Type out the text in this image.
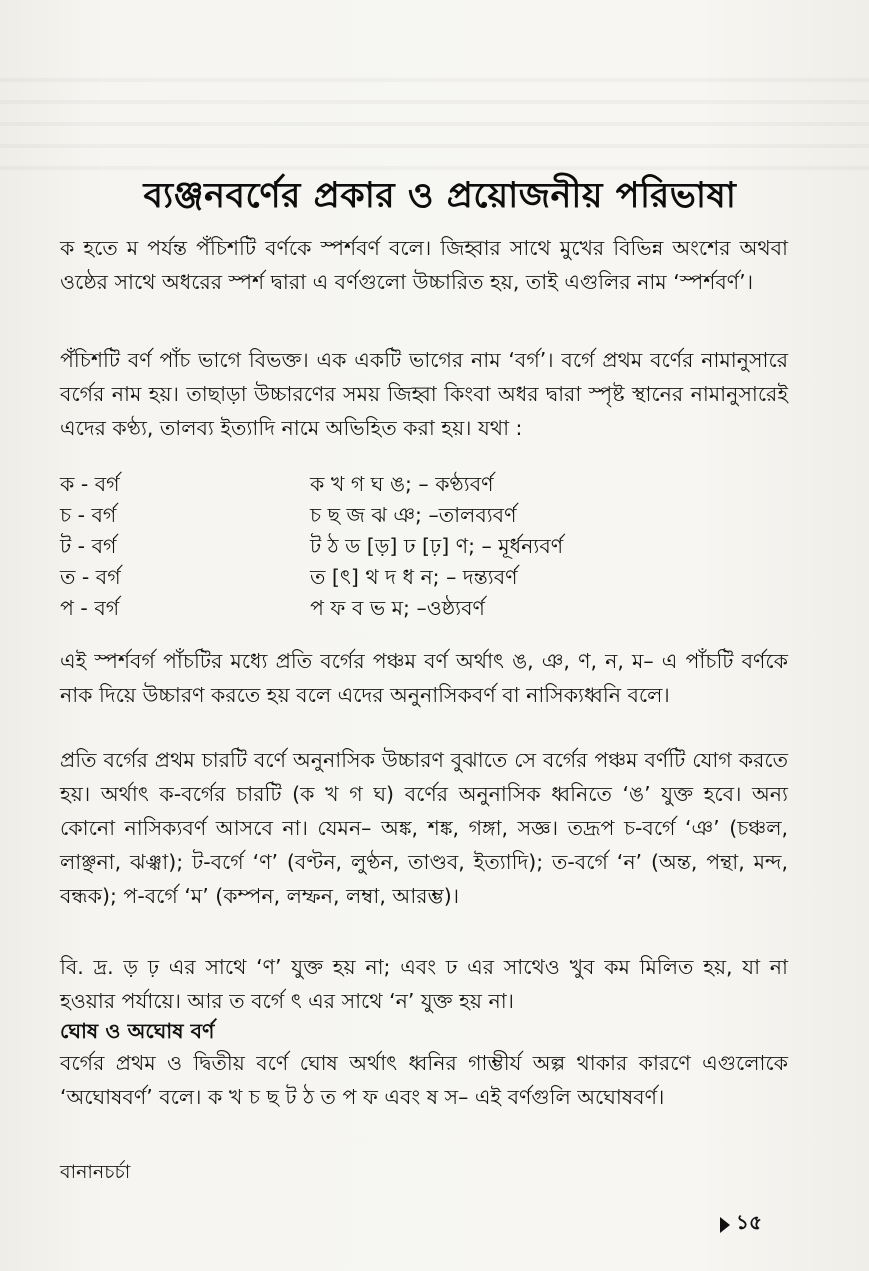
ব্যঞ্জনবর্ণের প্রকার ও প্রয়োজনীয় পরিভাষা
ক হতে ম পর্যন্ত পঁচিশটি বর্ণকে স্পর্শবর্ণ বলে। জিহ্বার সাথে মুখের বিভিন্ন অংশের অথবা ওষ্ঠের সাথে অধরের স্পর্শ দ্বারা এ বর্ণগুলো উচ্চারিত হয়, তাই এগুলির নাম ‘স্পর্শবর্ণ’।
পঁচিশটি বর্ণ পাঁচ ভাগে বিভক্ত। এক একটি ভাগের নাম ‘বর্গ’। বর্গে প্রথম বর্ণের নামানুসারে বর্গের নাম হয়। তাছাড়া উচ্চারণের সময় জিহ্বা কিংবা অধর দ্বারা স্পৃষ্ট স্থানের নামানুসারেই এদের কণ্ঠ্য, তালব্য ইত্যাদি নামে অভিহিত করা হয়। যথা :
ক - বর্গ	ক খ গ ঘ ঙ; – কণ্ঠ্যবর্ণ
চ - বর্গ	চ ছ জ ঝ ঞ; –তালব্যবর্ণ
ট - বর্গ	ট ঠ ড [ড়] ঢ [ঢ়] ণ; – মূর্ধন্যবর্ণ
ত - বর্গ	ত [ৎ] থ দ ধ ন; – দন্ত্যবর্ণ
প - বর্গ	প ফ ব ভ ম; –ওষ্ঠ্যবর্ণ
এই স্পর্শবর্গ পাঁচটির মধ্যে প্রতি বর্গের পঞ্চম বর্ণ অর্থাৎ ঙ, ঞ, ণ, ন, ম– এ পাঁচটি বর্ণকে নাক দিয়ে উচ্চারণ করতে হয় বলে এদের অনুনাসিকবর্ণ বা নাসিক্যধ্বনি বলে।
প্রতি বর্গের প্রথম চারটি বর্ণে অনুনাসিক উচ্চারণ বুঝাতে সে বর্গের পঞ্চম বর্ণটি যোগ করতে হয়। অর্থাৎ ক-বর্গের চারটি (ক খ গ ঘ) বর্ণের অনুনাসিক ধ্বনিতে ‘ঙ’ যুক্ত হবে। অন্য কোনো নাসিক্যবর্ণ আসবে না। যেমন– অঙ্ক, শঙ্ক, গঙ্গা, সজ্ঞ। তদ্রূপ চ-বর্গে ‘ঞ’ (চঞ্চল, লাঞ্ছনা, ঝঞ্ঝা); ট-বর্গে ‘ণ’ (বণ্টন, লুণ্ঠন, তাণ্ডব, ইত্যাদি); ত-বর্গে ‘ন’ (অন্ত, পন্থা, মন্দ, বন্ধক); প-বর্গে ‘ম’ (কম্পন, লম্ফন, লম্বা, আরম্ভ)।
বি. দ্র. ড় ঢ় এর সাথে ‘ণ’ যুক্ত হয় না; এবং ঢ এর সাথেও খুব কম মিলিত হয়, যা না হওয়ার পর্যায়ে। আর ত বর্গে ৎ এর সাথে ‘ন’ যুক্ত হয় না।
ঘোষ ও অঘোষ বর্ণ
বর্গের প্রথম ও দ্বিতীয় বর্ণে ঘোষ অর্থাৎ ধ্বনির গাম্ভীর্য অল্প থাকার কারণে এগুলোকে ‘অঘোষবর্ণ’ বলে। ক খ চ ছ ট ঠ ত প ফ এবং ষ স– এই বর্ণগুলি অঘোষবর্ণ।
বানানচর্চা
১৫
